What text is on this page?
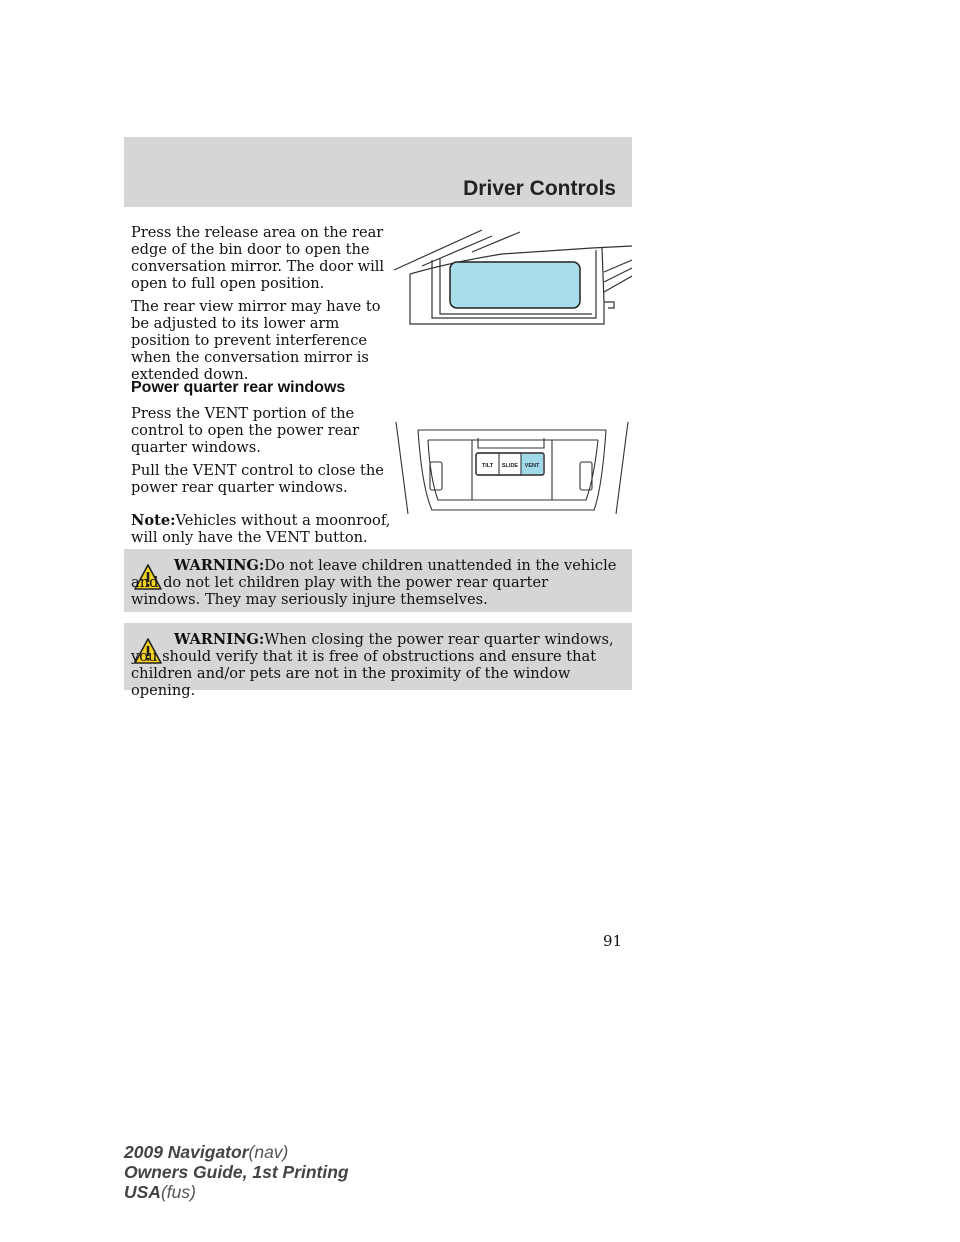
Driver Controls

Press the release area on the rear edge of the bin door to open the conversation mirror. The door will open to full open position.

The rear view mirror may have to be adjusted to its lower arm position to prevent interference when the conversation mirror is extended down.

Power quarter rear windows

Press the VENT portion of the control to open the power rear quarter windows.

Pull the VENT control to close the power rear quarter windows.

Note:Vehicles without a moonroof, will only have the VENT button.
TILT SLIDE VENT
WARNING:Do not leave children unattended in the vehicle and do not let children play with the power rear quarter windows. They may seriously injure themselves.
WARNING:When closing the power rear quarter windows, you should verify that it is free of obstructions and ensure that children and/or pets are not in the proximity of the window opening.
91
2009 Navigator(nav)
Owners Guide, 1st Printing
USA(fus)
